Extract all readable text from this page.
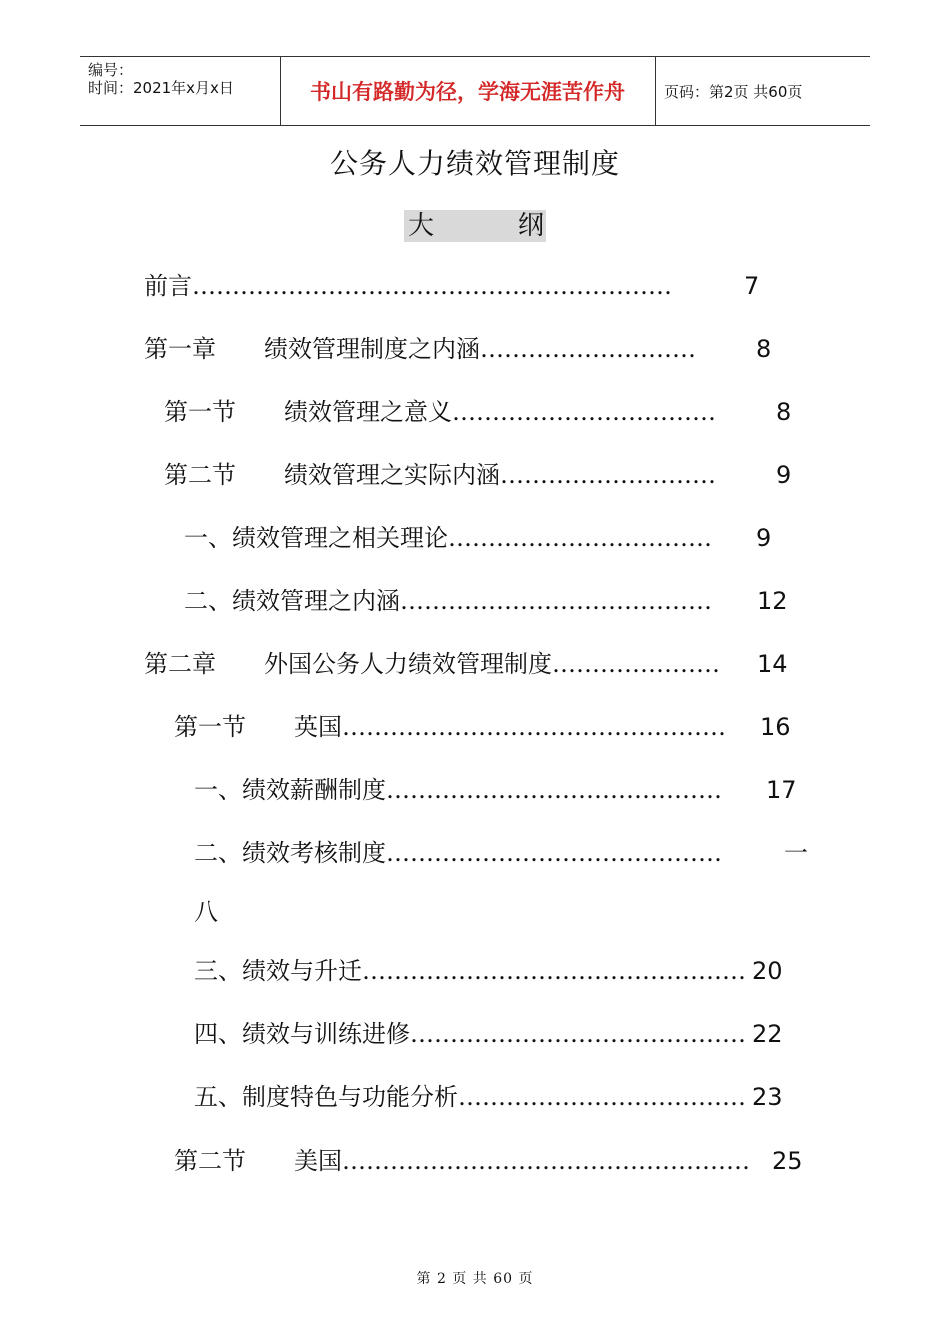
编号：
时间：2021年x月x日	书山有路勤为径，学海无涯苦作舟	页码：第2页 共60页
公务人力绩效管理制度
大	纲
前言……………………………………………………	7
第一章　　绩效管理制度之内涵………………………	8
第一节　　绩效管理之意义……………………………	8
第二节　　绩效管理之实际内涵………………………	9
一、绩效管理之相关理论…………………………… 9
二、绩效管理之内涵………………………………… 12
第二章　　外国公务人力绩效管理制度………………… 14
第一节　　英国………………………………………… 16
一、绩效薪酬制度…………………………………… 17
二、绩效考核制度……………………………………	一
八
三、绩效与升迁………………………………………… 20
四、绩效与训练进修…………………………………… 22
五、制度特色与功能分析……………………………… 23
第二节　　美国…………………………………………… 25
第 2 页 共 60 页
